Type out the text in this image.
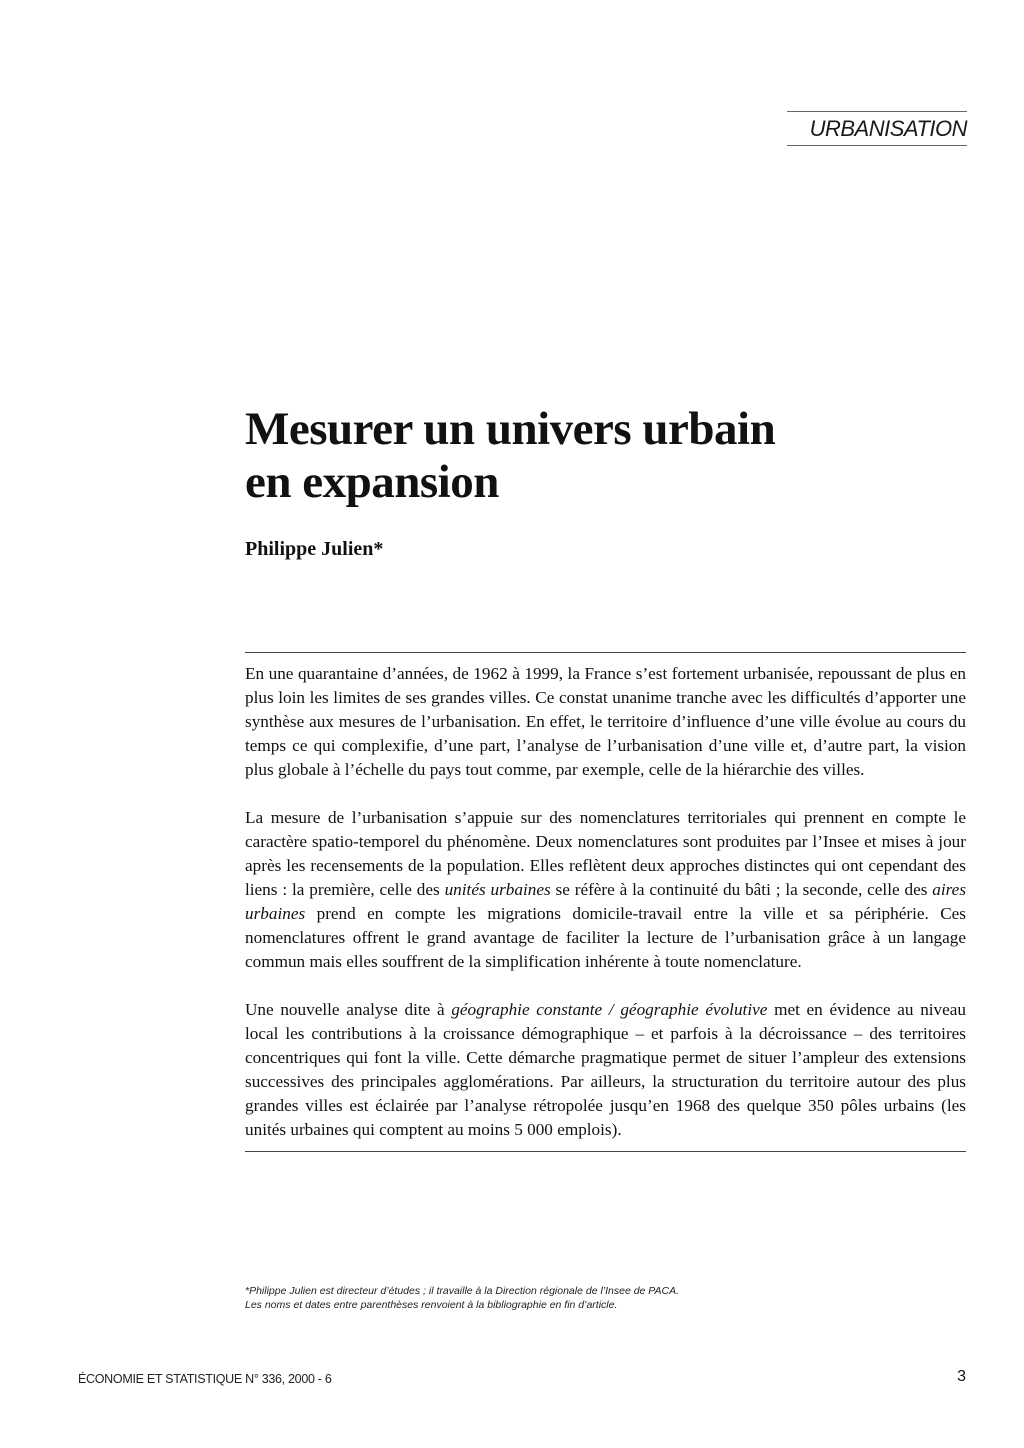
URBANISATION
Mesurer un univers urbain
en expansion

Philippe Julien*

En une quarantaine d’années, de 1962 à 1999, la France s’est fortement urbanisée, repoussant de plus en plus loin les limites de ses grandes villes. Ce constat unanime tranche avec les difficultés d’apporter une synthèse aux mesures de l’urbanisation. En effet, le territoire d’influence d’une ville évolue au cours du temps ce qui complexifie, d’une part, l’analyse de l’urbanisation d’une ville et, d’autre part, la vision plus globale à l’échelle du pays tout comme, par exemple, celle de la hiérarchie des villes.

La mesure de l’urbanisation s’appuie sur des nomenclatures territoriales qui prennent en compte le caractère spatio-temporel du phénomène. Deux nomenclatures sont produites par l’Insee et mises à jour après les recensements de la population. Elles reflètent deux approches distinctes qui ont cependant des liens : la première, celle des unités urbaines se réfère à la continuité du bâti ; la seconde, celle des aires urbaines prend en compte les migrations domicile-travail entre la ville et sa périphérie. Ces nomenclatures offrent le grand avantage de faciliter la lecture de l’urbanisation grâce à un langage commun mais elles souffrent de la simplification inhérente à toute nomenclature.

Une nouvelle analyse dite à géographie constante / géographie évolutive met en évidence au niveau local les contributions à la croissance démographique – et parfois à la décroissance – des territoires concentriques qui font la ville. Cette démarche pragmatique permet de situer l’ampleur des extensions successives des principales agglomérations. Par ailleurs, la structuration du territoire autour des plus grandes villes est éclairée par l’analyse rétropolée jusqu’en 1968 des quelque 350 pôles urbains (les unités urbaines qui comptent au moins 5 000 emplois).

*Philippe Julien est directeur d’études ; il travaille à la Direction régionale de l’Insee de PACA.
Les noms et dates entre parenthèses renvoient à la bibliographie en fin d’article.
ÉCONOMIE ET STATISTIQUE N° 336, 2000 - 6	3
